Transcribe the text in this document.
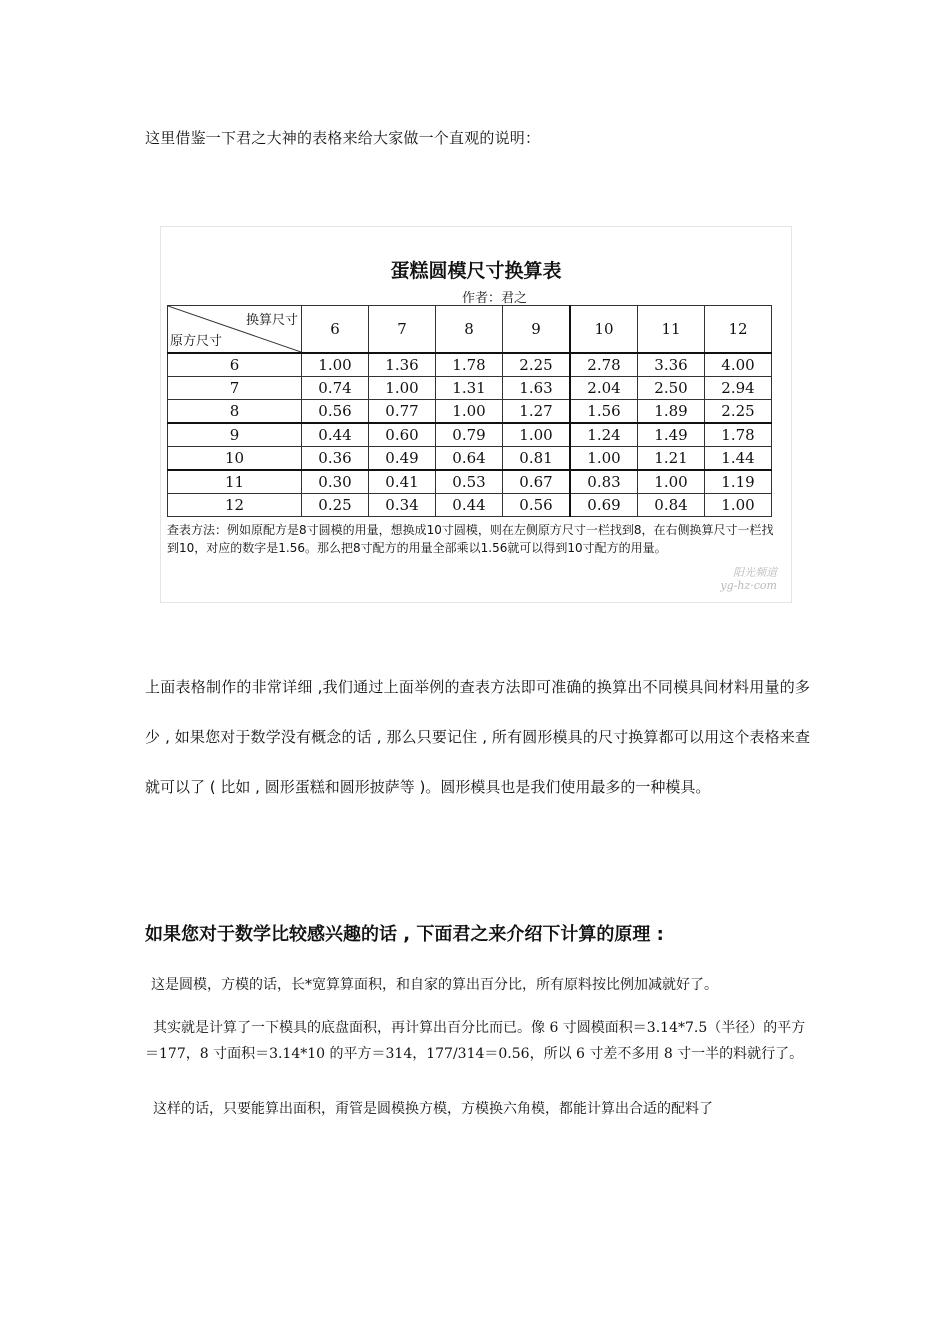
这里借鉴一下君之大神的表格来给大家做一个直观的说明：
蛋糕圆模尺寸换算表
作者：君之
换算尺寸
原方尺寸	6	7	8	9	10	11	12
6	1.00	1.36	1.78	2.25	2.78	3.36	4.00
7	0.74	1.00	1.31	1.63	2.04	2.50	2.94
8	0.56	0.77	1.00	1.27	1.56	1.89	2.25
9	0.44	0.60	0.79	1.00	1.24	1.49	1.78
10	0.36	0.49	0.64	0.81	1.00	1.21	1.44
11	0.30	0.41	0.53	0.67	0.83	1.00	1.19
12	0.25	0.34	0.44	0.56	0.69	0.84	1.00
查表方法：例如原配方是8寸圆模的用量，想换成10寸圆模，则在左侧原方尺寸一栏找到8，在右侧换算尺寸一栏找到10，对应的数字是1.56。那么把8寸配方的用量全部乘以1.56就可以得到10寸配方的用量。
阳光频道
yg-hz·com
上面表格制作的非常详细 ,我们通过上面举例的查表方法即可准确的换算出不同模具间材料用量的多少 , 如果您对于数学没有概念的话 , 那么只要记住 , 所有圆形模具的尺寸换算都可以用这个表格来查就可以了 ( 比如 , 圆形蛋糕和圆形披萨等 )。圆形模具也是我们使用最多的一种模具。
如果您对于数学比较感兴趣的话 , 下面君之来介绍下计算的原理 :
这是圆模，方模的话，长*宽算算面积，和自家的算出百分比，所有原料按比例加减就好了。
其实就是计算了一下模具的底盘面积，再计算出百分比而已。像 6 寸圆模面积＝3.14*7.5（半径）的平方＝177，8 寸面积＝3.14*10 的平方＝314，177/314＝0.56，所以 6 寸差不多用 8 寸一半的料就行了。
这样的话，只要能算出面积，甭管是圆模换方模，方模换六角模，都能计算出合适的配料了
